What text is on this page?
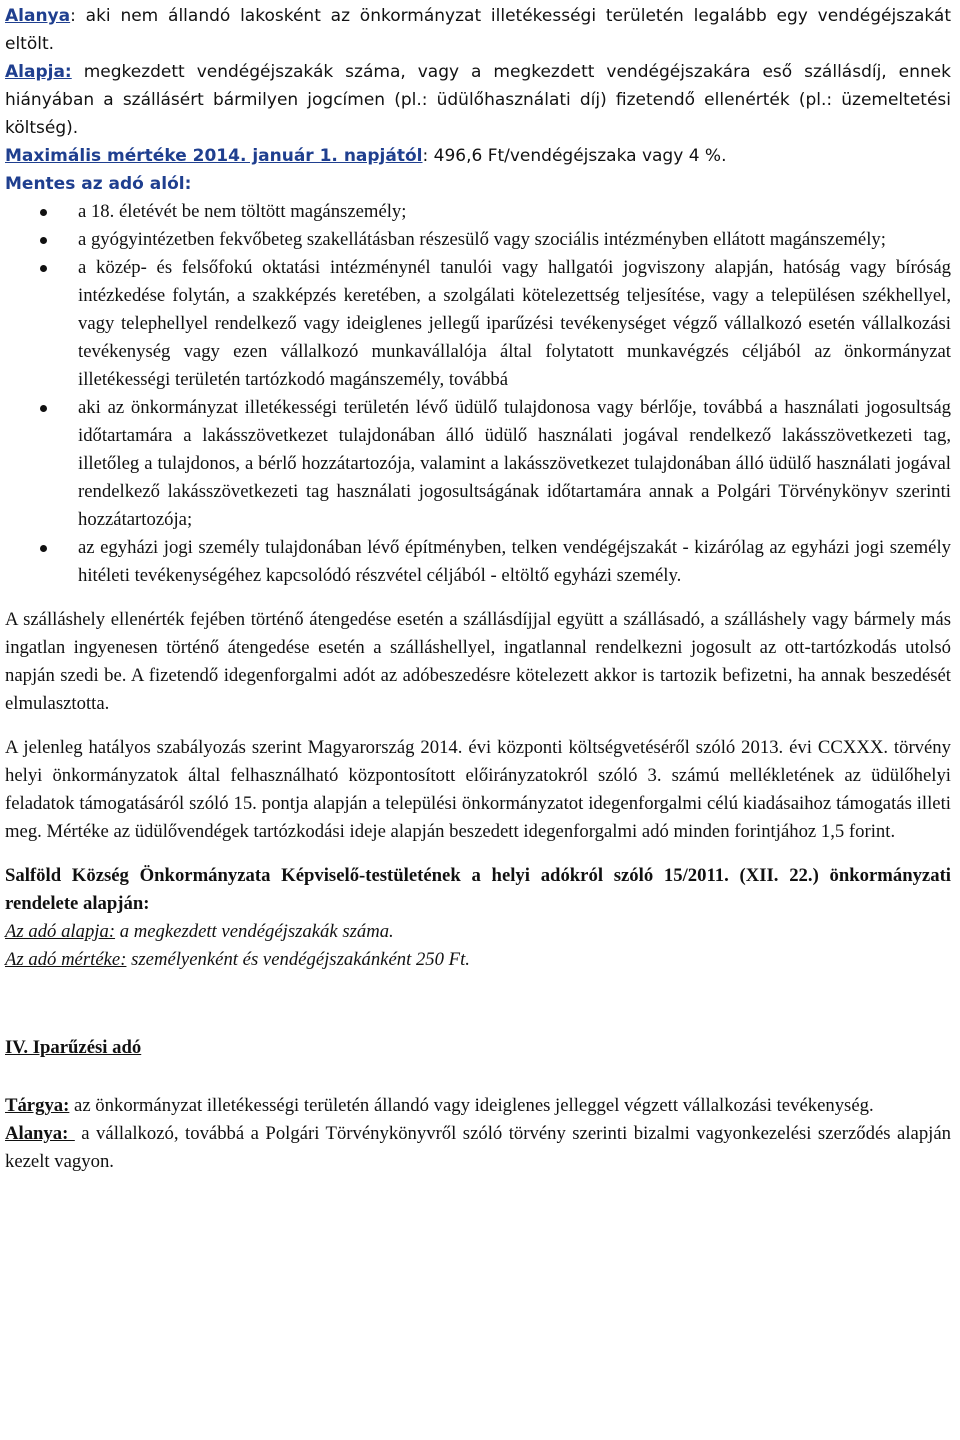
Alanya: aki nem állandó lakosként az önkormányzat illetékességi területén legalább egy vendégéjszakát eltölt.

Alapja: megkezdett vendégéjszakák száma, vagy a megkezdett vendégéjszakára eső szállásdíj, ennek hiányában a szállásért bármilyen jogcímen (pl.: üdülőhasználati díj) fizetendő ellenérték (pl.: üzemeltetési költség).

Maximális mértéke 2014. január 1. napjától: 496,6 Ft/vendégéjszaka vagy 4 %.

Mentes az adó alól:

a 18. életévét be nem töltött magánszemély;
a gyógyintézetben fekvőbeteg szakellátásban részesülő vagy szociális intézményben ellátott magánszemély;
a közép- és felsőfokú oktatási intézménynél tanulói vagy hallgatói jogviszony alapján, hatóság vagy bíróság intézkedése folytán, a szakképzés keretében, a szolgálati kötelezettség teljesítése, vagy a településen székhellyel, vagy telephellyel rendelkező vagy ideiglenes jellegű iparűzési tevékenységet végző vállalkozó esetén vállalkozási tevékenység vagy ezen vállalkozó munkavállalója által folytatott munkavégzés céljából az önkormányzat illetékességi területén tartózkodó magánszemély, továbbá
aki az önkormányzat illetékességi területén lévő üdülő tulajdonosa vagy bérlője, továbbá a használati jogosultság időtartamára a lakásszövetkezet tulajdonában álló üdülő használati jogával rendelkező lakásszövetkezeti tag, illetőleg a tulajdonos, a bérlő hozzátartozója, valamint a lakásszövetkezet tulajdonában álló üdülő használati jogával rendelkező lakásszövetkezeti tag használati jogosultságának időtartamára annak a Polgári Törvénykönyv szerinti hozzátartozója;
az egyházi jogi személy tulajdonában lévő építményben, telken vendégéjszakát - kizárólag az egyházi jogi személy hitéleti tevékenységéhez kapcsolódó részvétel céljából - eltöltő egyházi személy.

A szálláshely ellenérték fejében történő átengedése esetén a szállásdíjjal együtt a szállásadó, a szálláshely vagy bármely más ingatlan ingyenesen történő átengedése esetén a szálláshellyel, ingatlannal rendelkezni jogosult az ott-tartózkodás utolsó napján szedi be. A fizetendő idegenforgalmi adót az adóbeszedésre kötelezett akkor is tartozik befizetni, ha annak beszedését elmulasztotta.

A jelenleg hatályos szabályozás szerint Magyarország 2014. évi központi költségvetéséről szóló 2013. évi CCXXX. törvény helyi önkormányzatok által felhasználható központosított előirányzatokról szóló 3. számú mellékletének az üdülőhelyi feladatok támogatásáról szóló 15. pontja alapján a települési önkormányzatot idegenforgalmi célú kiadásaihoz támogatás illeti meg. Mértéke az üdülővendégek tartózkodási ideje alapján beszedett idegenforgalmi adó minden forintjához 1,5 forint.

Salföld Község Önkormányzata Képviselő-testületének a helyi adókról szóló 15/2011. (XII. 22.) önkormányzati rendelete alapján:

Az adó alapja: a megkezdett vendégéjszakák száma.

Az adó mértéke: személyenként és vendégéjszakánként 250 Ft.

IV. Iparűzési adó

Tárgya: az önkormányzat illetékességi területén állandó vagy ideiglenes jelleggel végzett vállalkozási tevékenység.

Alanya:  a vállalkozó, továbbá a Polgári Törvénykönyvről szóló törvény szerinti bizalmi vagyonkezelési szerződés alapján kezelt vagyon.
